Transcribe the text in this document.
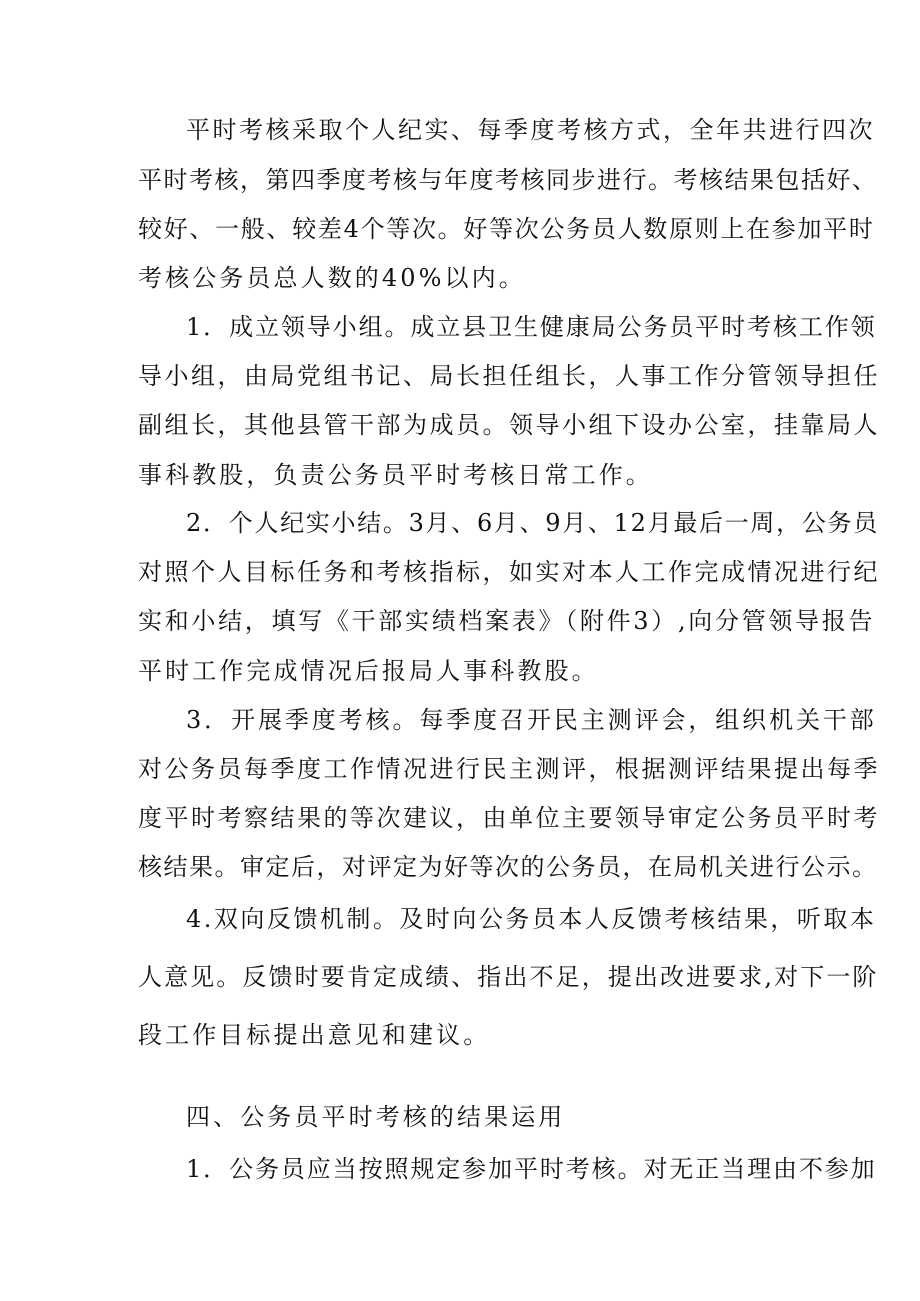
平时考核采取个人纪实、每季度考核方式，全年共进行四次
平时考核，第四季度考核与年度考核同步进行。考核结果包括好、
较好、一般、较差4个等次。好等次公务员人数原则上在参加平时
考核公务员总人数的40%以内。
1．成立领导小组。成立县卫生健康局公务员平时考核工作领
导小组，由局党组书记、局长担任组长，人事工作分管领导担任
副组长，其他县管干部为成员。领导小组下设办公室，挂靠局人
事科教股，负责公务员平时考核日常工作。
2．个人纪实小结。3月、6月、9月、12月最后一周，公务员
对照个人目标任务和考核指标，如实对本人工作完成情况进行纪
实和小结，填写《干部实绩档案表》（附件3）,向分管领导报告
平时工作完成情况后报局人事科教股。
3．开展季度考核。每季度召开民主测评会，组织机关干部
对公务员每季度工作情况进行民主测评，根据测评结果提出每季
度平时考察结果的等次建议，由单位主要领导审定公务员平时考
核结果。审定后，对评定为好等次的公务员，在局机关进行公示。
4.双向反馈机制。及时向公务员本人反馈考核结果，听取本
人意见。反馈时要肯定成绩、指出不足，提出改进要求,对下一阶
段工作目标提出意见和建议。
四、公务员平时考核的结果运用
1．公务员应当按照规定参加平时考核。对无正当理由不参加
